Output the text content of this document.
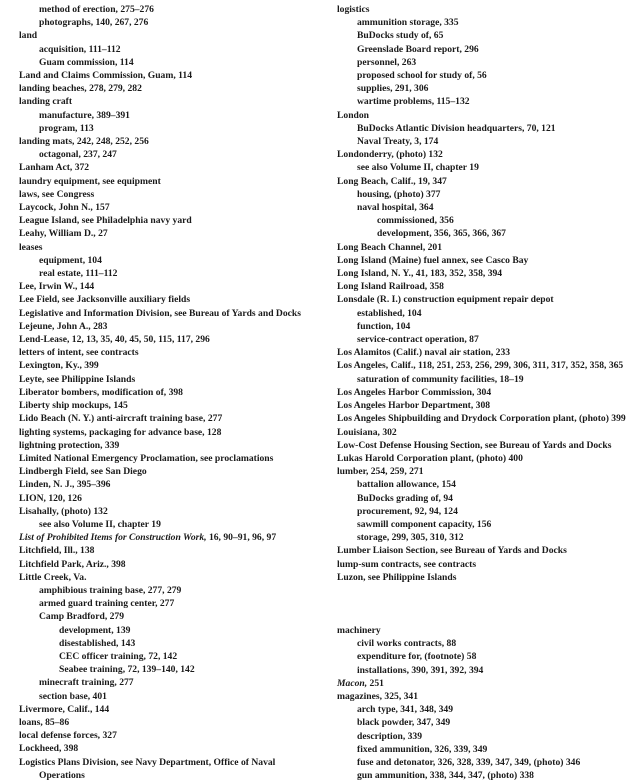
method of erection, 275–276
photographs, 140, 267, 276
land
acquisition, 111–112
Guam commission, 114
Land and Claims Commission, Guam, 114
landing beaches, 278, 279, 282
landing craft
manufacture, 389–391
program, 113
landing mats, 242, 248, 252, 256
octagonal, 237, 247
Lanham Act, 372
laundry equipment, see equipment
laws, see Congress
Laycock, John N., 157
League Island, see Philadelphia navy yard
Leahy, William D., 27
leases
equipment, 104
real estate, 111–112
Lee, Irwin W., 144
Lee Field, see Jacksonville auxiliary fields
Legislative and Information Division, see Bureau of Yards and Docks
Lejeune, John A., 283
Lend-Lease, 12, 13, 35, 40, 45, 50, 115, 117, 296
letters of intent, see contracts
Lexington, Ky., 399
Leyte, see Philippine Islands
Liberator bombers, modification of, 398
Liberty ship mockups, 145
Lido Beach (N. Y.) anti-aircraft training base, 277
lighting systems, packaging for advance base, 128
lightning protection, 339
Limited National Emergency Proclamation, see proclamations
Lindbergh Field, see San Diego
Linden, N. J., 395–396
LION, 120, 126
Lisahally, (photo) 132
see also Volume II, chapter 19
List of Prohibited Items for Construction Work, 16, 90–91, 96, 97
Litchfield, Ill., 138
Litchfield Park, Ariz., 398
Little Creek, Va.
amphibious training base, 277, 279
armed guard training center, 277
Camp Bradford, 279
development, 139
disestablished, 143
CEC officer training, 72, 142
Seabee training, 72, 139–140, 142
minecraft training, 277
section base, 401
Livermore, Calif., 144
loans, 85–86
local defense forces, 327
Lockheed, 398
Logistics Plans Division, see Navy Department, Office of Naval Operations
logistics
ammunition storage, 335
BuDocks study of, 65
Greenslade Board report, 296
personnel, 263
proposed school for study of, 56
supplies, 291, 306
wartime problems, 115–132
London
BuDocks Atlantic Division headquarters, 70, 121
Naval Treaty, 3, 174
Londonderry, (photo) 132
see also Volume II, chapter 19
Long Beach, Calif., 19, 347
housing, (photo) 377
naval hospital, 364
commissioned, 356
development, 356, 365, 366, 367
Long Beach Channel, 201
Long Island (Maine) fuel annex, see Casco Bay
Long Island, N. Y., 41, 183, 352, 358, 394
Long Island Railroad, 358
Lonsdale (R. I.) construction equipment repair depot
established, 104
function, 104
service-contract operation, 87
Los Alamitos (Calif.) naval air station, 233
Los Angeles, Calif., 118, 251, 253, 256, 299, 306, 311, 317, 352, 358, 365
saturation of community facilities, 18–19
Los Angeles Harbor Commission, 304
Los Angeles Harbor Department, 308
Los Angeles Shipbuilding and Drydock Corporation plant, (photo) 399
Louisiana, 302
Low-Cost Defense Housing Section, see Bureau of Yards and Docks
Lukas Harold Corporation plant, (photo) 400
lumber, 254, 259, 271
battalion allowance, 154
BuDocks grading of, 94
procurement, 92, 94, 124
sawmill component capacity, 156
storage, 299, 305, 310, 312
Lumber Liaison Section, see Bureau of Yards and Docks
lump-sum contracts, see contracts
Luzon, see Philippine Islands
machinery
civil works contracts, 88
expenditure for, (footnote) 58
installations, 390, 391, 392, 394
Macon, 251
magazines, 325, 341
arch type, 341, 348, 349
black powder, 347, 349
description, 339
fixed ammunition, 326, 339, 349
fuse and detonator, 326, 328, 339, 347, 349, (photo) 346
gun ammunition, 338, 344, 347, (photo) 338
